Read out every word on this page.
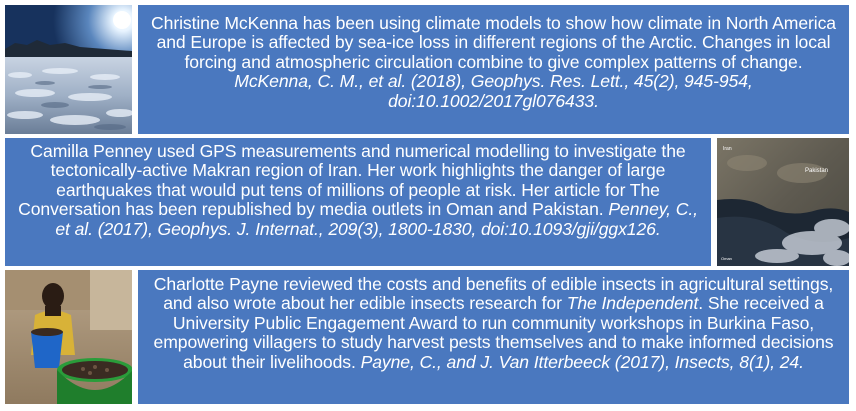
Christine McKenna has been using climate models to show how climate in North America and Europe is affected by sea-ice loss in different regions of the Arctic. Changes in local forcing and atmospheric circulation combine to give complex patterns of change. McKenna, C. M., et al. (2018), Geophys. Res. Lett., 45(2), 945-954, doi:10.1002/2017gl076433.
Camilla Penney used GPS measurements and numerical modelling to investigate the tectonically-active Makran region of Iran. Her work highlights the danger of large earthquakes that would put tens of millions of people at risk. Her article for The Conversation has been republished by media outlets in Oman and Pakistan. Penney, C., et al. (2017), Geophys. J. Internat., 209(3), 1800-1830, doi:10.1093/gji/ggx126.
Iran
Pakistan
Oman
Charlotte Payne reviewed the costs and benefits of edible insects in agricultural settings, and also wrote about her edible insects research for The Independent. She received a University Public Engagement Award to run community workshops in Burkina Faso, empowering villagers to study harvest pests themselves and to make informed decisions about their livelihoods. Payne, C., and J. Van Itterbeeck (2017), Insects, 8(1), 24.
